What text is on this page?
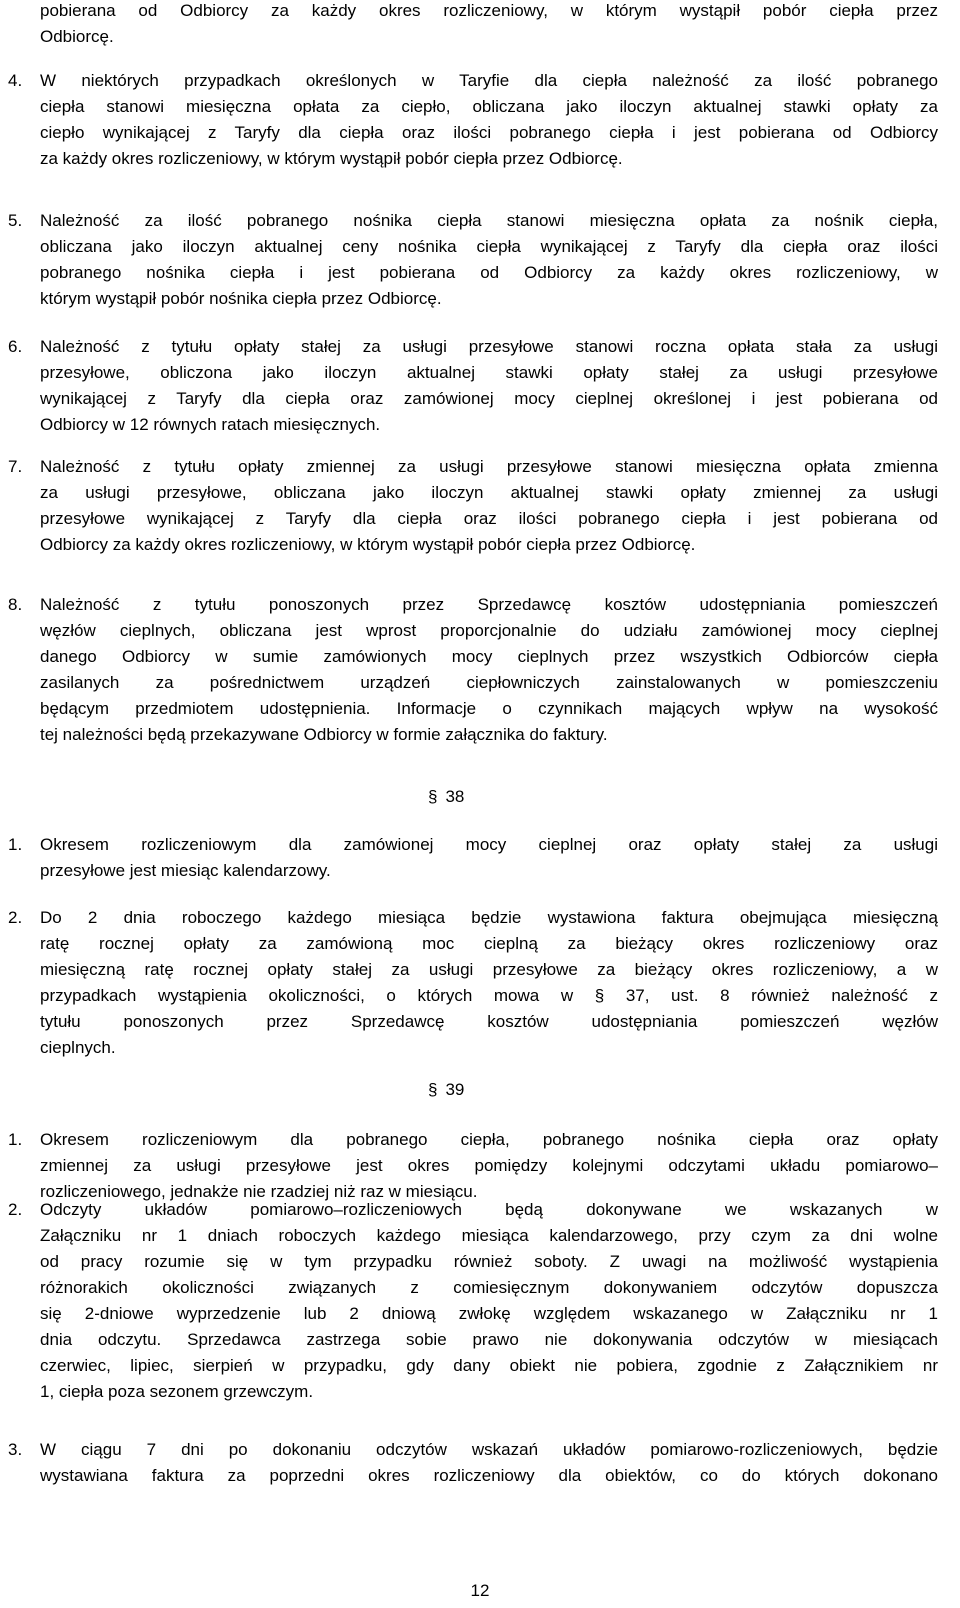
pobierana od Odbiorcy za każdy okres rozliczeniowy, w którym wystąpił pobór ciepła przez
Odbiorcę.
4. W niektórych przypadkach określonych w Taryfie dla ciepła należność za ilość pobranego
ciepła stanowi miesięczna opłata za ciepło, obliczana jako iloczyn aktualnej stawki opłaty za
ciepło wynikającej z Taryfy dla ciepła oraz ilości pobranego ciepła i jest pobierana od Odbiorcy
za każdy okres rozliczeniowy, w którym wystąpił pobór ciepła przez Odbiorcę.
5. Należność za ilość pobranego nośnika ciepła stanowi miesięczna opłata za nośnik ciepła,
obliczana jako iloczyn aktualnej ceny nośnika ciepła wynikającej z Taryfy dla ciepła oraz ilości
pobranego nośnika ciepła i jest pobierana od Odbiorcy za każdy okres rozliczeniowy, w
którym wystąpił pobór nośnika ciepła przez Odbiorcę.
6. Należność z tytułu opłaty stałej za usługi przesyłowe stanowi roczna opłata stała za usługi
przesyłowe, obliczona jako iloczyn aktualnej stawki opłaty stałej za usługi przesyłowe
wynikającej z Taryfy dla ciepła oraz zamówionej mocy cieplnej określonej i jest pobierana od
Odbiorcy w 12 równych ratach miesięcznych.
7. Należność z tytułu opłaty zmiennej za usługi przesyłowe stanowi miesięczna opłata zmienna
za usługi przesyłowe, obliczana jako iloczyn aktualnej stawki opłaty zmiennej za usługi
przesyłowe wynikającej z Taryfy dla ciepła oraz ilości pobranego ciepła i jest pobierana od
Odbiorcy za każdy okres rozliczeniowy, w którym wystąpił pobór ciepła przez Odbiorcę.
8. Należność z tytułu ponoszonych przez Sprzedawcę kosztów udostępniania pomieszczeń
węzłów cieplnych, obliczana jest wprost proporcjonalnie do udziału zamówionej mocy cieplnej
danego Odbiorcy w sumie zamówionych mocy cieplnych przez wszystkich Odbiorców ciepła
zasilanych za pośrednictwem urządzeń ciepłowniczych zainstalowanych w pomieszczeniu
będącym przedmiotem udostępnienia. Informacje o czynnikach mających wpływ na wysokość
tej należności będą przekazywane Odbiorcy w formie załącznika do faktury.
§ 38
1. Okresem rozliczeniowym dla zamówionej mocy cieplnej oraz opłaty stałej za usługi
przesyłowe jest miesiąc kalendarzowy.
2. Do 2 dnia roboczego każdego miesiąca będzie wystawiona faktura obejmująca miesięczną
ratę rocznej opłaty za zamówioną moc cieplną za bieżący okres rozliczeniowy oraz
miesięczną ratę rocznej opłaty stałej za usługi przesyłowe za bieżący okres rozliczeniowy, a w
przypadkach wystąpienia okoliczności, o których mowa w § 37, ust. 8 również należność z
tytułu ponoszonych przez Sprzedawcę kosztów udostępniania pomieszczeń węzłów
cieplnych.
§ 39
1. Okresem rozliczeniowym dla pobranego ciepła, pobranego nośnika ciepła oraz opłaty
zmiennej za usługi przesyłowe jest okres pomiędzy kolejnymi odczytami układu pomiarowo–
rozliczeniowego, jednakże nie rzadziej niż raz w miesiącu.
2. Odczyty układów pomiarowo–rozliczeniowych będą dokonywane we wskazanych w
Załączniku nr 1 dniach roboczych każdego miesiąca kalendarzowego, przy czym za dni wolne
od pracy rozumie się w tym przypadku również soboty. Z uwagi na możliwość wystąpienia
różnorakich okoliczności związanych z comiesięcznym dokonywaniem odczytów dopuszcza
się 2-dniowe wyprzedzenie lub 2 dniową zwłokę względem wskazanego w Załączniku nr 1
dnia odczytu. Sprzedawca zastrzega sobie prawo nie dokonywania odczytów w miesiącach
czerwiec, lipiec, sierpień w przypadku, gdy dany obiekt nie pobiera, zgodnie z Załącznikiem nr
1, ciepła poza sezonem grzewczym.
3. W ciągu 7 dni po dokonaniu odczytów wskazań układów pomiarowo-rozliczeniowych, będzie
wystawiana faktura za poprzedni okres rozliczeniowy dla obiektów, co do których dokonano
12
